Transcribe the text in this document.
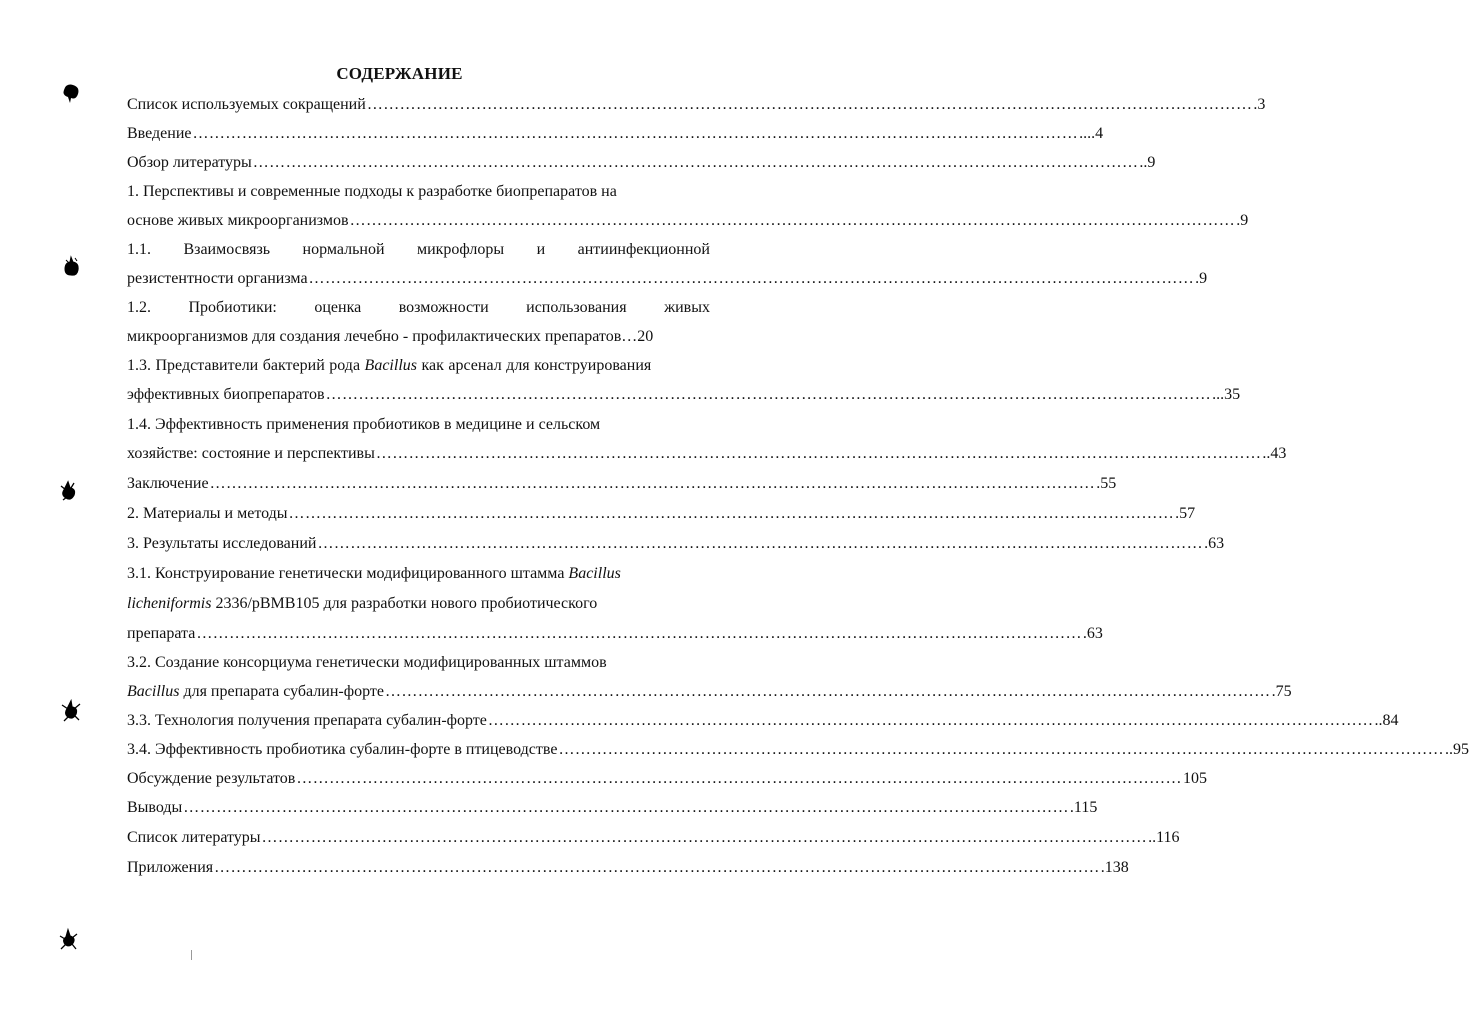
СОДЕРЖАНИЕ
Список используемых сокращений ……………………………………………………………………………………………………………………………………………… .3
Введение ……………………………………………………………………………………………………………………………………………… ....4
Обзор литературы ……………………………………………………………………………………………………………………………………………… ..9
1. Перспективы и современные подходы к разработке биопрепаратов на
основе живых микроорганизмов ……………………………………………………………………………………………………………………………………………… .9
1.1. Взаимосвязь нормальной микрофлоры и антиинфекционной
резистентности организма ……………………………………………………………………………………………………………………………………………… .9
1.2. Пробиотики: оценка возможности использования живых
микроорганизмов для создания лечебно - профилактических препаратов…20
1.3. Представители бактерий рода Bacillus как арсенал для конструирования
эффективных биопрепаратов ……………………………………………………………………………………………………………………………………………… ...35
1.4. Эффективность применения пробиотиков в медицине и сельском
хозяйстве: состояние и перспективы ……………………………………………………………………………………………………………………………………………… ..43
Заключение ……………………………………………………………………………………………………………………………………………… .55
2. Материалы и методы ……………………………………………………………………………………………………………………………………………… .57
3. Результаты исследований ……………………………………………………………………………………………………………………………………………… .63
3.1. Конструирование генетически модифицированного штамма Bacillus
licheniformis 2336/pBMB105 для разработки нового пробиотического
препарата ……………………………………………………………………………………………………………………………………………… .63
3.2. Создание консорциума генетически модифицированных штаммов
Bacillus для препарата субалин-форте ……………………………………………………………………………………………………………………………………………… .75
3.3. Технология получения препарата субалин-форте ……………………………………………………………………………………………………………………………………………… ..84
3.4. Эффективность пробиотика субалин-форте в птицеводстве ……………………………………………………………………………………………………………………………………………… ..95
Обсуждение результатов ……………………………………………………………………………………………………………………………………………… 105
Выводы ……………………………………………………………………………………………………………………………………………… .115
Список литературы ……………………………………………………………………………………………………………………………………………… ..116
Приложения ……………………………………………………………………………………………………………………………………………… .138
